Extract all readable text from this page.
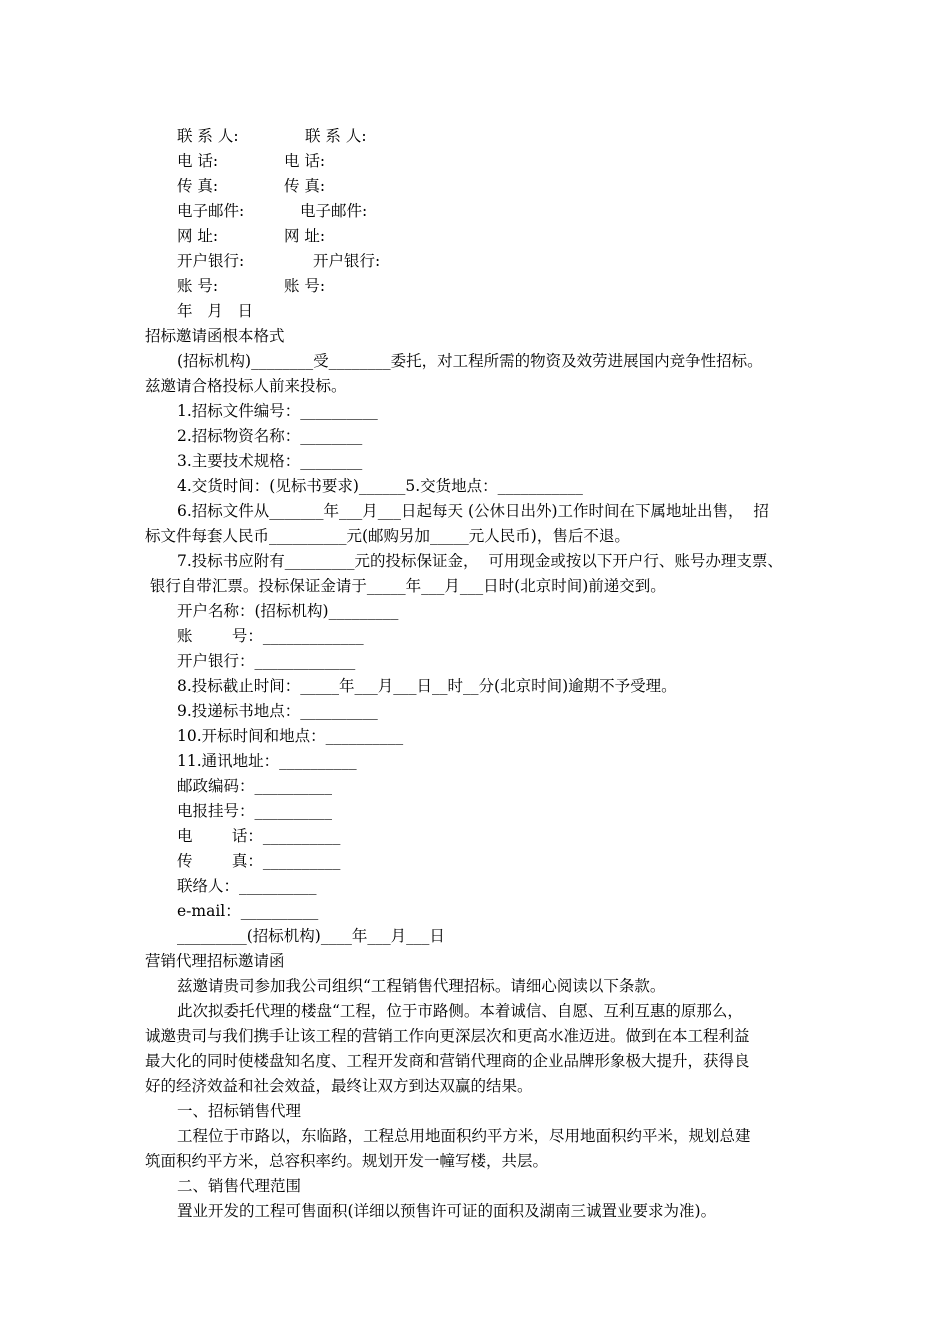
联 系 人:	联 系 人:
电 话:	电 话:
传 真:	传 真:
电子邮件:	电子邮件:
网 址:	网 址:
开户银行:	开户银行:
账 号:	账 号:
年   月   日
招标邀请函根本格式
(招标机构)________受________委托，对工程所需的物资及效劳进展国内竞争性招标。
兹邀请合格投标人前来投标。
1.招标文件编号：__________
2.招标物资名称：________
3.主要技术规格：________
4.交货时间：(见标书要求)______5.交货地点：___________
6.招标文件从_______年___月___日起每天 (公休日出外)工作时间在下属地址出售，  招
标文件每套人民币__________元(邮购另加_____元人民币)，售后不退。
7.投标书应附有_________元的投标保证金，  可用现金或按以下开户行、账号办理支票、
银行自带汇票。投标保证金请于_____年___月___日时(北京时间)前递交到。
开户名称：(招标机构)_________
账        号：_____________
开户银行：_____________
8.投标截止时间：_____年___月___日__时__分(北京时间)逾期不予受理。
9.投递标书地点：__________
10.开标时间和地点：__________
11.通讯地址：__________
邮政编码：__________
电报挂号：__________
电        话：__________
传        真：__________
联络人：__________
e-mail：__________
_________(招标机构)____年___月___日
营销代理招标邀请函
兹邀请贵司参加我公司组织“工程销售代理招标。请细心阅读以下条款。
此次拟委托代理的楼盘“工程，位于市路侧。本着诚信、自愿、互利互惠的原那么，
诚邀贵司与我们携手让该工程的营销工作向更深层次和更高水准迈进。做到在本工程利益
最大化的同时使楼盘知名度、工程开发商和营销代理商的企业品牌形象极大提升，获得良
好的经济效益和社会效益，最终让双方到达双赢的结果。
一、招标销售代理
工程位于市路以，东临路，工程总用地面积约平方米，尽用地面积约平米，规划总建
筑面积约平方米，总容积率约。规划开发一幢写楼，共层。
二、销售代理范围
置业开发的工程可售面积(详细以预售许可证的面积及湖南三诚置业要求为准)。
